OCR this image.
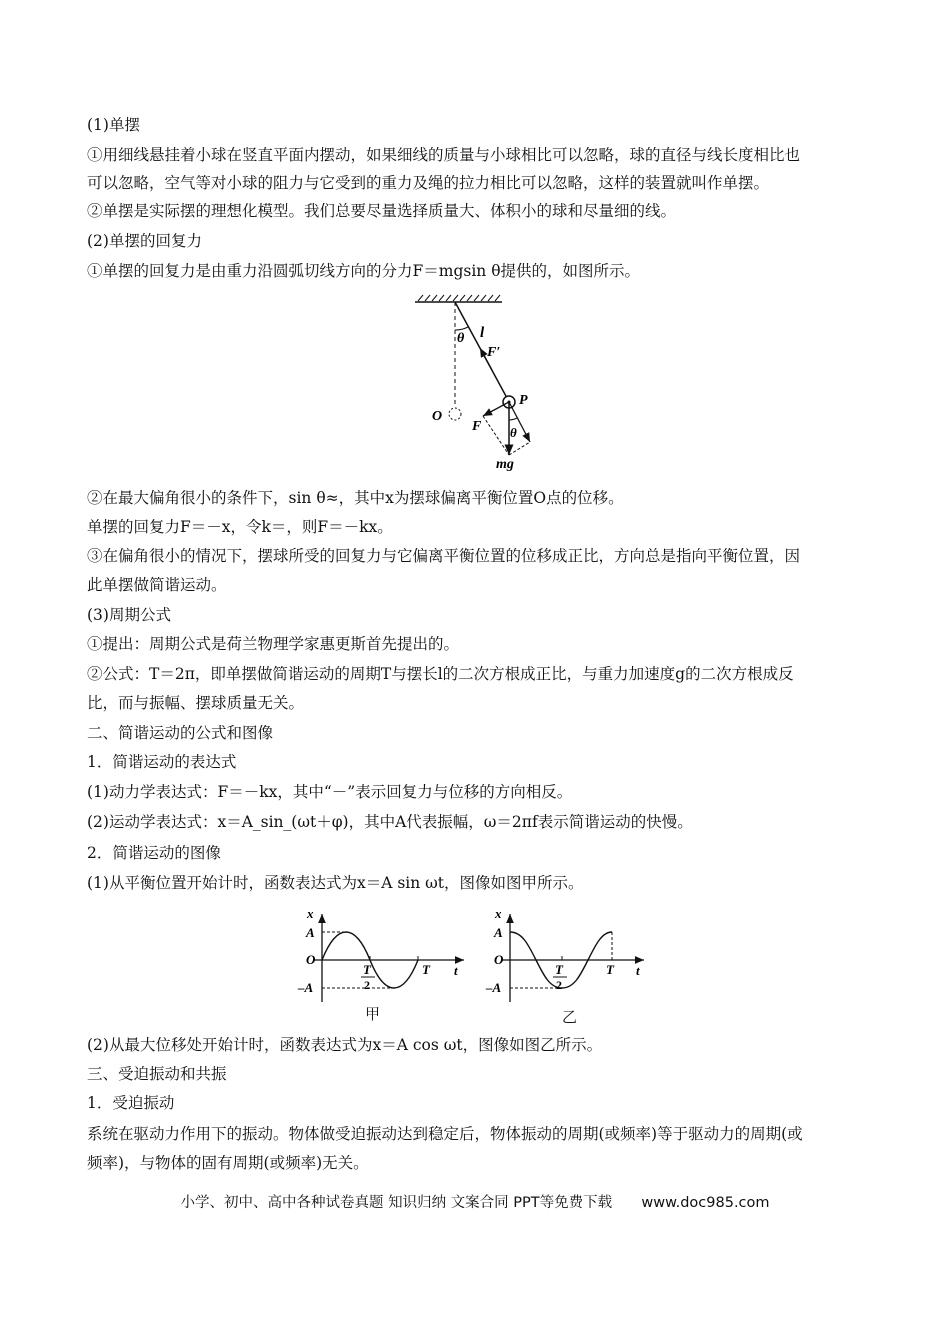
(1)单摆
①用细线悬挂着小球在竖直平面内摆动，如果细线的质量与小球相比可以忽略，球的直径与线长度相比也
可以忽略，空气等对小球的阻力与它受到的重力及绳的拉力相比可以忽略，这样的装置就叫作单摆。
②单摆是实际摆的理想化模型。我们总要尽量选择质量大、体积小的球和尽量细的线。
(2)单摆的回复力
①单摆的回复力是由重力沿圆弧切线方向的分力F＝mgsin θ提供的，如图所示。
θ l
F′
P
O
F θ
mg
②在最大偏角很小的条件下，sin θ≈，其中x为摆球偏离平衡位置O点的位移。
单摆的回复力F＝－x，令k＝，则F＝－kx。
③在偏角很小的情况下，摆球所受的回复力与它偏离平衡位置的位移成正比，方向总是指向平衡位置，因
此单摆做简谐运动。
(3)周期公式
①提出：周期公式是荷兰物理学家惠更斯首先提出的。
②公式：T＝2π，即单摆做简谐运动的周期T与摆长l的二次方根成正比，与重力加速度g的二次方根成反
比，而与振幅、摆球质量无关。
二、简谐运动的公式和图像
1．简谐运动的表达式
(1)动力学表达式：F＝－kx，其中“－”表示回复力与位移的方向相反。
(2)运动学表达式：x＝A_sin_(ωt＋φ)，其中A代表振幅，ω＝2πf表示简谐运动的快慢。
2．简谐运动的图像
(1)从平衡位置开始计时，函数表达式为x＝A sin ωt，图像如图甲所示。
x
t
A
O
–A
T
2
T
甲
x
t
A
O
–A
T
2
T
乙
(2)从最大位移处开始计时，函数表达式为x＝A cos ωt，图像如图乙所示。
三、受迫振动和共振
1．受迫振动
系统在驱动力作用下的振动。物体做受迫振动达到稳定后，物体振动的周期(或频率)等于驱动力的周期(或
频率)，与物体的固有周期(或频率)无关。
小学、初中、高中各种试卷真题 知识归纳 文案合同 PPT等免费下载 www.doc985.com
